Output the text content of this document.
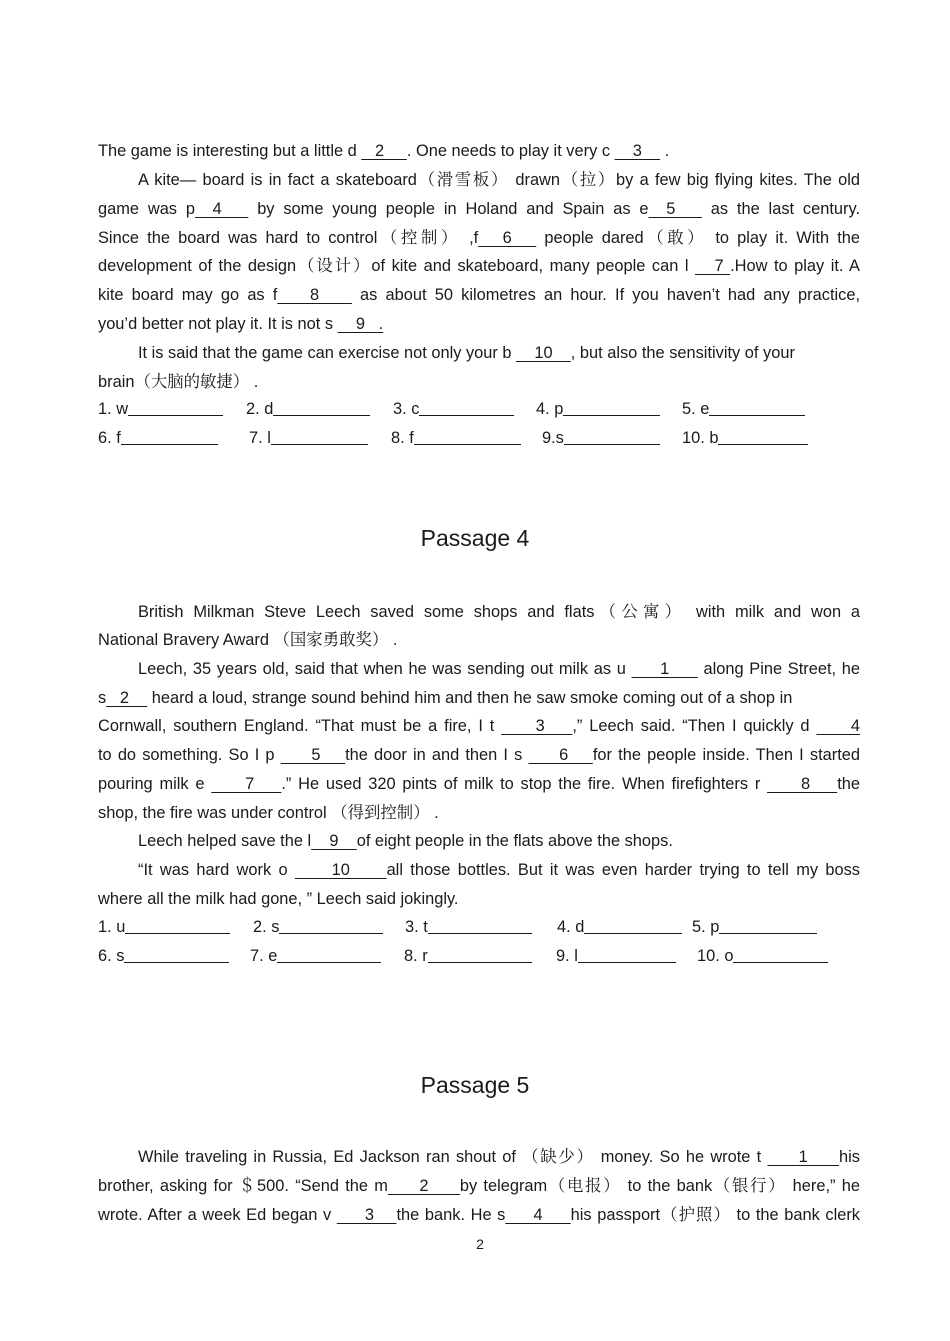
The game is interesting but a little d    2     . One needs to play it very c     3     .
A kite— board is in fact a skateboard（滑雪板） drawn（拉）by a few big flying kites. The old
game was p  4    by some young people in Holand and Spain as e  5    as the last century.
Since the board was hard to control（控制） ,f   6    people dared（敢） to play it. With the
development of the design（设计）of kite and skateboard, many people can l    7 .How to play it. A
kite board may go as f    8     as about 50 kilometres an hour. If you haven’t had any practice,
you’d better not play it. It is not s     9   .
It is said that the game can exercise not only your b     10    , but also the sensitivity of your
brain（大脑的敏捷） .
1. w	2. d	3. c	4. p	5. e
6. f	7. l	8. f	9.s	10. b
Passage 4
British Milkman Steve Leech saved some shops and flats（公寓） with milk and won a
National Bravery Award （国家勇敢奖） .
Leech, 35 years old, said that when he was sending out milk as u      1      along Pine Street, he
s   2     heard a loud, strange sound behind him and then he saw smoke coming out of a shop in
Cornwall, southern England. “That must be a fire, I t      3    ,” Leech said. “Then I quickly d      4
to do something. So I p      5    the door in and then I s      6    for the people inside. Then I started
pouring milk e      7    .” He used 320 pints of milk to stop the fire. When firefighters r      8    the
shop, the fire was under control （得到控制） .
Leech helped save the l    9    of eight people in the flats above the shops.
“It was hard work o      10     all those bottles. But it was even harder trying to tell my boss
where all the milk had gone, ” Leech said jokingly.
1. u	2. s	3. t	4. d	5. p
6. s	7. e	8. r	9. l	10. o
Passage 5
While traveling in Russia, Ed Jackson ran shout of （缺少） money. So he wrote t      1     his
brother, asking for ＄500. “Send the m     2     by telegram（电报） to the bank（银行） here,” he
wrote. After a week Ed began v      3    the bank. He s     4     his passport（护照） to the bank clerk
2
